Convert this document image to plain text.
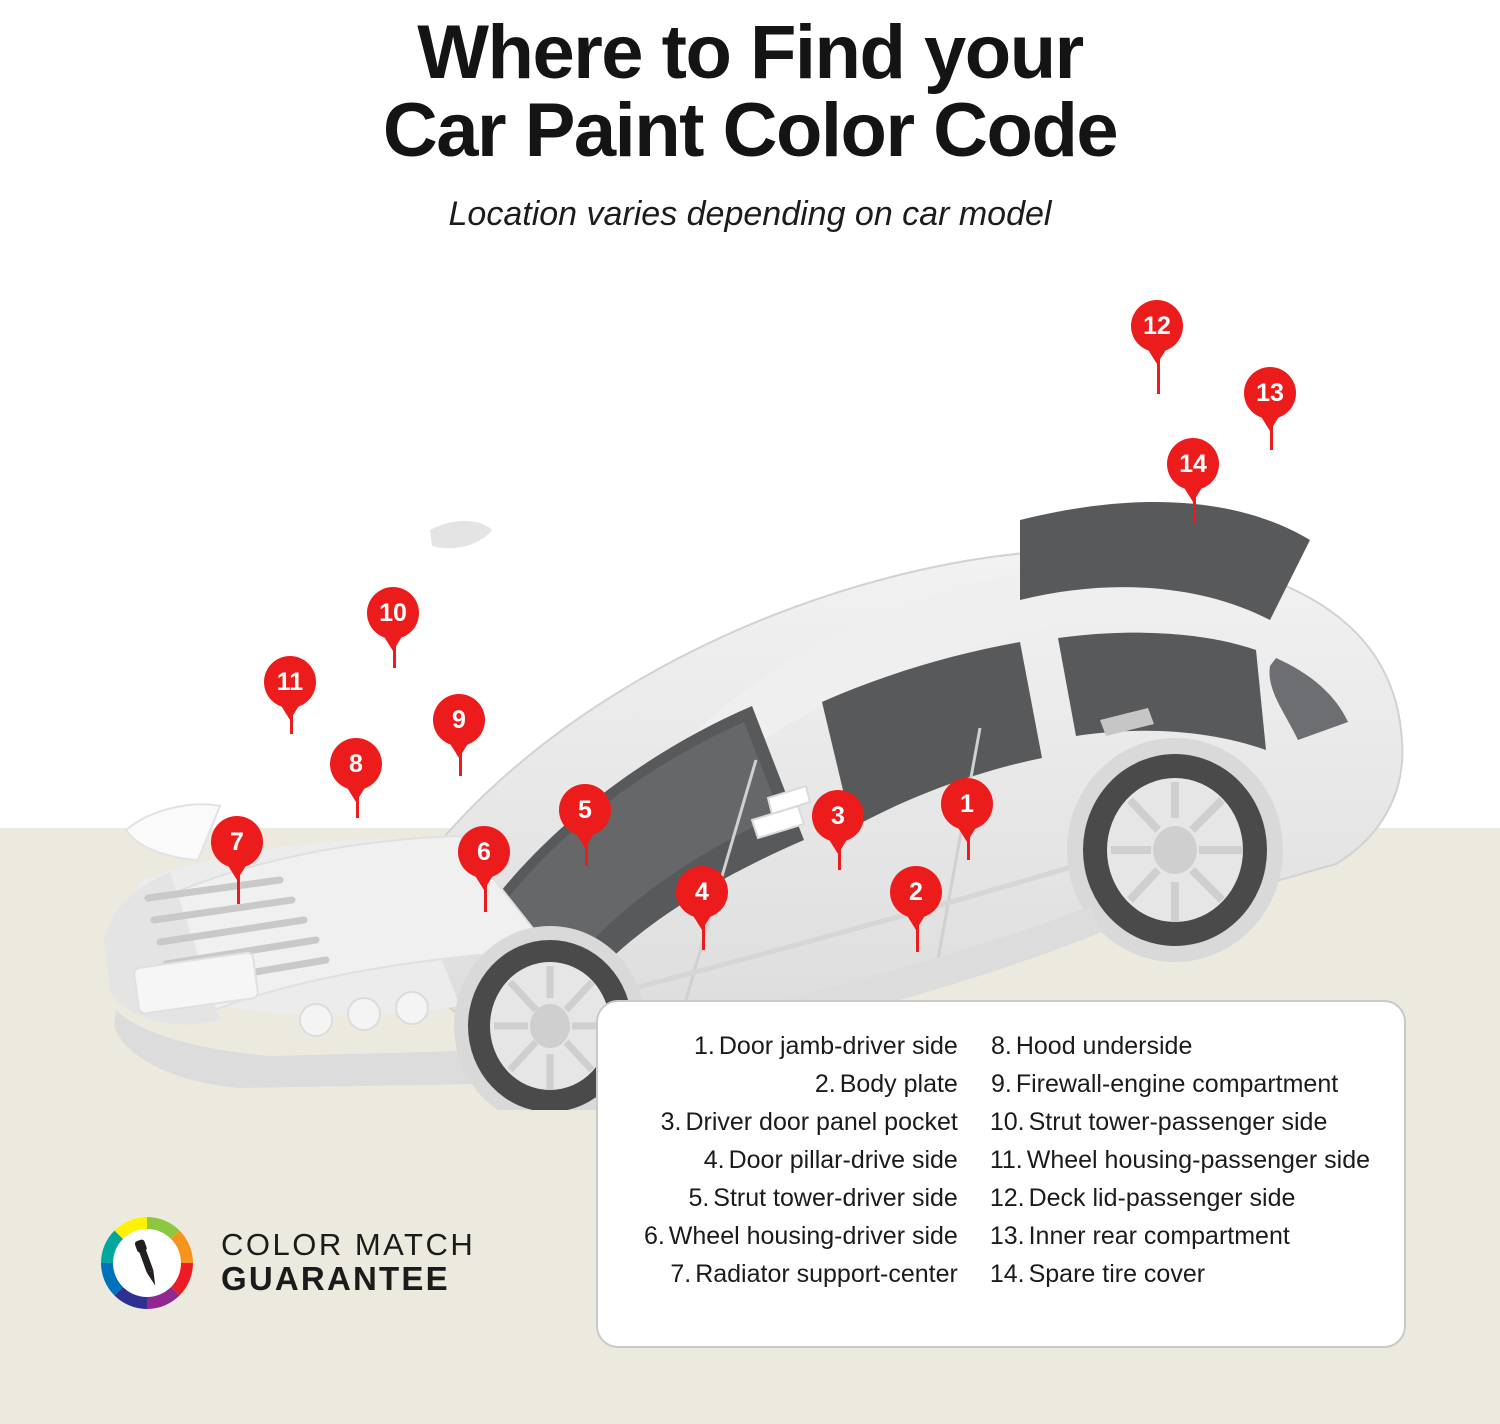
Where to Find your
Car Paint Color Code
Location varies depending on car model
12
13
14
10
11
9
8
7	6
5
4
3
2
1
1. Door jamb-driver side
2. Body plate
3. Driver door panel pocket
4. Door pillar-drive side
5. Strut tower-driver side
6. Wheel housing-driver side
7. Radiator support-center
8. Hood underside
9. Firewall-engine compartment
10. Strut tower-passenger side
11. Wheel housing-passenger side
12. Deck lid-passenger side
13. Inner rear compartment
14. Spare tire cover
COLOR MATCH
GUARANTEE
